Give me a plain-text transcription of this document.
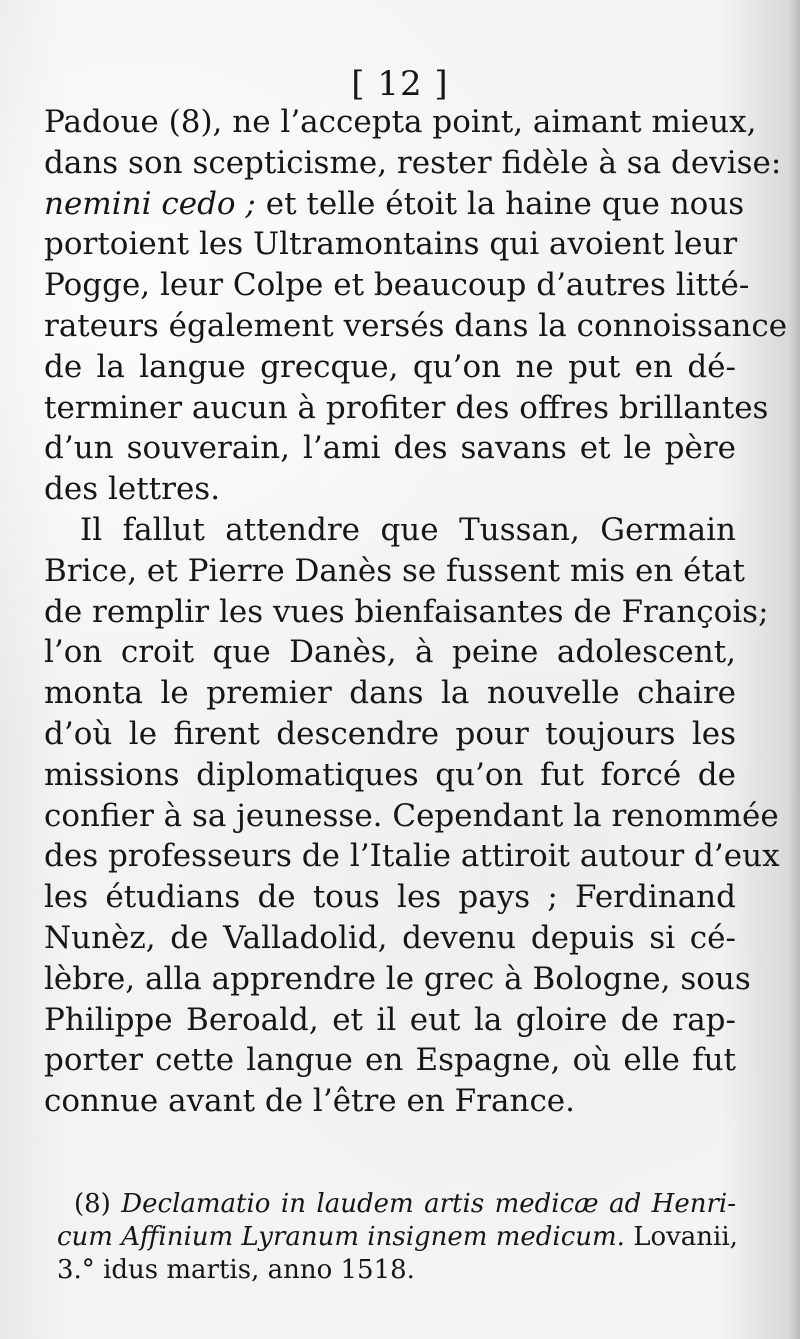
[ 12 ]
Padoue (8), ne l’accepta point, aimant mieux,
dans son scepticisme, rester fidèle à sa devise:
nemini cedo ; et telle étoit la haine que nous
portoient les Ultramontains qui avoient leur
Pogge, leur Colpe et beaucoup d’autres litté-
rateurs également versés dans la connoissance
de la langue grecque, qu’on ne put en dé-
terminer aucun à profiter des offres brillantes
d’un souverain, l’ami des savans et le père
des lettres.
Il fallut attendre que Tussan, Germain
Brice, et Pierre Danès se fussent mis en état
de remplir les vues bienfaisantes de François;
l’on croit que Danès, à peine adolescent,
monta le premier dans la nouvelle chaire
d’où le firent descendre pour toujours les
missions diplomatiques qu’on fut forcé de
confier à sa jeunesse. Cependant la renommée
des professeurs de l’Italie attiroit autour d’eux
les étudians de tous les pays ; Ferdinand
Nunèz, de Valladolid, devenu depuis si cé-
lèbre, alla apprendre le grec à Bologne, sous
Philippe Beroald, et il eut la gloire de rap-
porter cette langue en Espagne, où elle fut
connue avant de l’être en France.
(8) Declamatio in laudem artis medicæ ad Henri-
cum Affinium Lyranum insignem medicum. Lovanii,
3.° idus martis, anno 1518.
